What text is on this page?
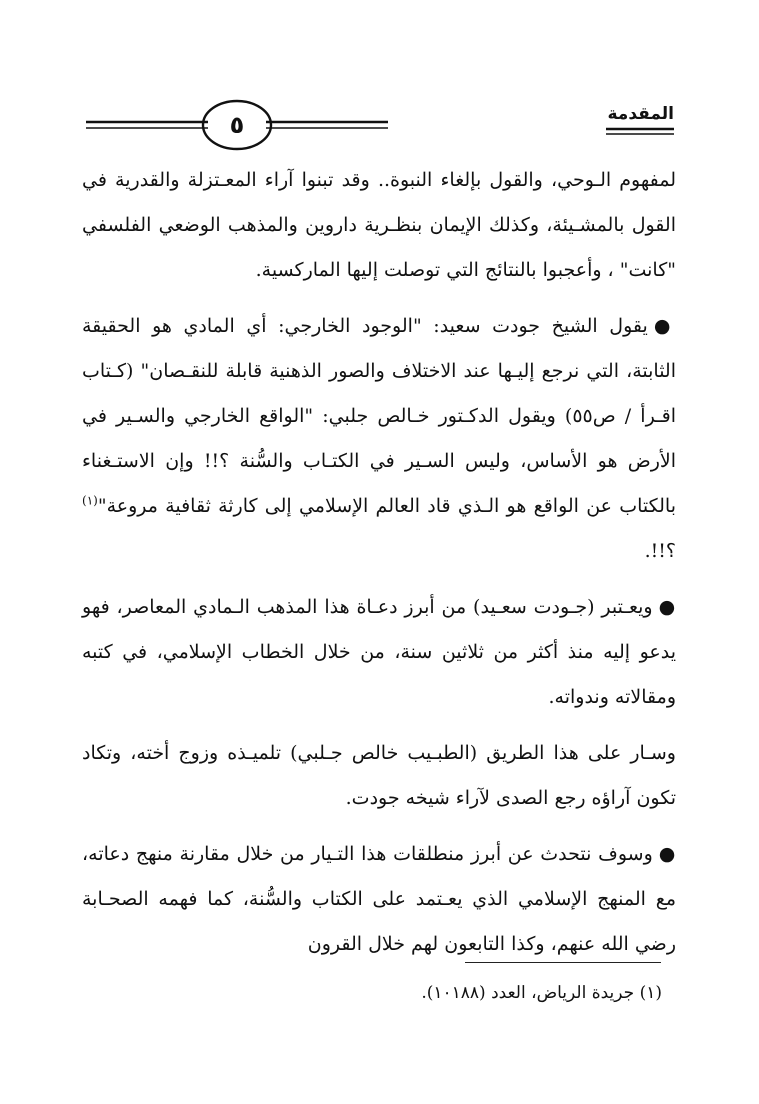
٥	المقدمة

لمفهوم الـوحي، والقول بإلغاء النبوة.. وقد تبنوا آراء المعـتزلة والقدرية في القول بالمشـيئة، وكذلك الإيمان بنظـرية داروين والمذهب الوضعي الفلسفي "كانت" ، وأعجبوا بالنتائج التي توصلت إليها الماركسية.

●يقول الشيخ جودت سعيد: "الوجود الخارجي: أي المادي هو الحقيقة الثابتة، التي نرجع إليـها عند الاختلاف والصور الذهنية قابلة للنقـصان" (كـتاب اقـرأ / ص٥٥) ويقول الدكـتور خـالص جلبي: "الواقع الخارجي والسـير في الأرض هو الأساس، وليس السـير في الكتـاب والسُّنة ؟!! وإن الاستـغناء بالكتاب عن الواقع هو الـذي قاد العالم الإسلامي إلى كارثة ثقافية مروعة"$^{(١)}$ ؟!!.

●ويعـتبر (جـودت سعـيد) من أبرز دعـاة هذا المذهب الـمادي المعاصر، فهو يدعو إليه منذ أكثر من ثلاثين سنة، من خلال الخطاب الإسلامي، في كتبه ومقالاته وندواته.

وسـار على هذا الطريق (الطبـيب خالص جـلبي) تلميـذه وزوج أخته، وتكاد تكون آراؤه رجع الصدى لآراء شيخه جودت.

●وسوف نتحدث عن أبرز منطلقات هذا التـيار من خلال مقارنة منهج دعاته، مع المنهج الإسلامي الذي يعـتمد على الكتاب والسُّنة، كما فهمه الصحـابة رضي الله عنهم، وكذا التابعون لهم خلال القرون

(١) جريدة الرياض، العدد (١٠١٨٨).
